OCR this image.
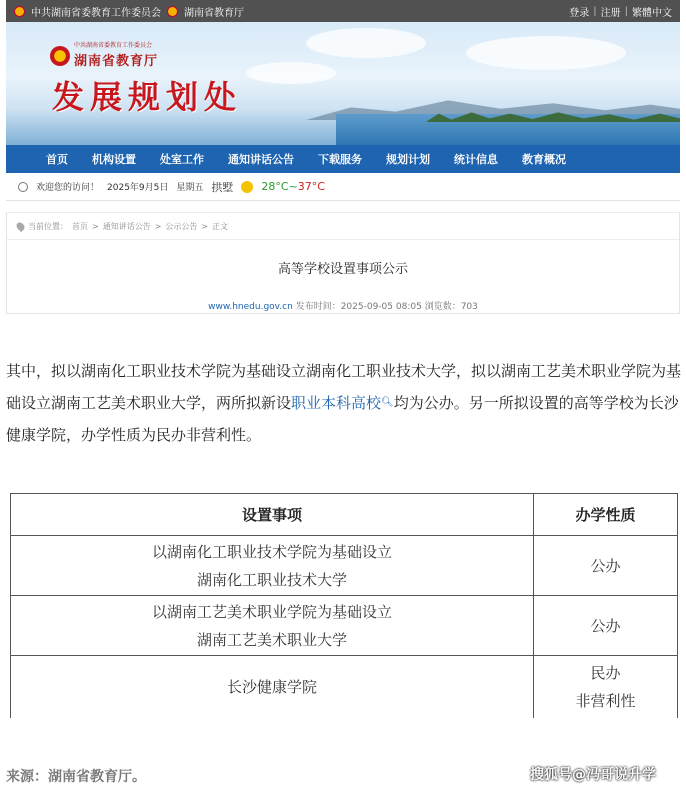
中共湖南省委教育工作委员会 湖南省教育厅	登录 | 注册 | 繁體中文
中共湖南省委教育工作委员会
湖南省教育厅
发展规划处
首页 机构设置 处室工作 通知讲话公告 下载服务 规划计划 统计信息 教育概况
欢迎您的访问！ 2025年9月5日 星期五 拱墅	28°C~37°C
当前位置： 首页 > 通知讲话公告 > 公示公告 > 正文
高等学校设置事项公示
www.hnedu.gov.cn 发布时间：2025-09-05 08:05 浏览数：703
其中，拟以湖南化工职业技术学院为基础设立湖南化工职业技术大学，拟以湖南工艺美术职业学院为基础设立湖南工艺美术职业大学，两所拟新设职业本科高校🔍︎均为公办。另一所拟设置的高等学校为长沙健康学院，办学性质为民办非营利性。
设置事项	办学性质

以湖南化工职业技术学院为基础设立
湖南化工职业技术大学	公办

以湖南工艺美术职业学院为基础设立
湖南工艺美术职业大学	公办
长沙健康学院	民办
非营利性
来源：湖南省教育厅。	搜狐号@冯哥说升学
